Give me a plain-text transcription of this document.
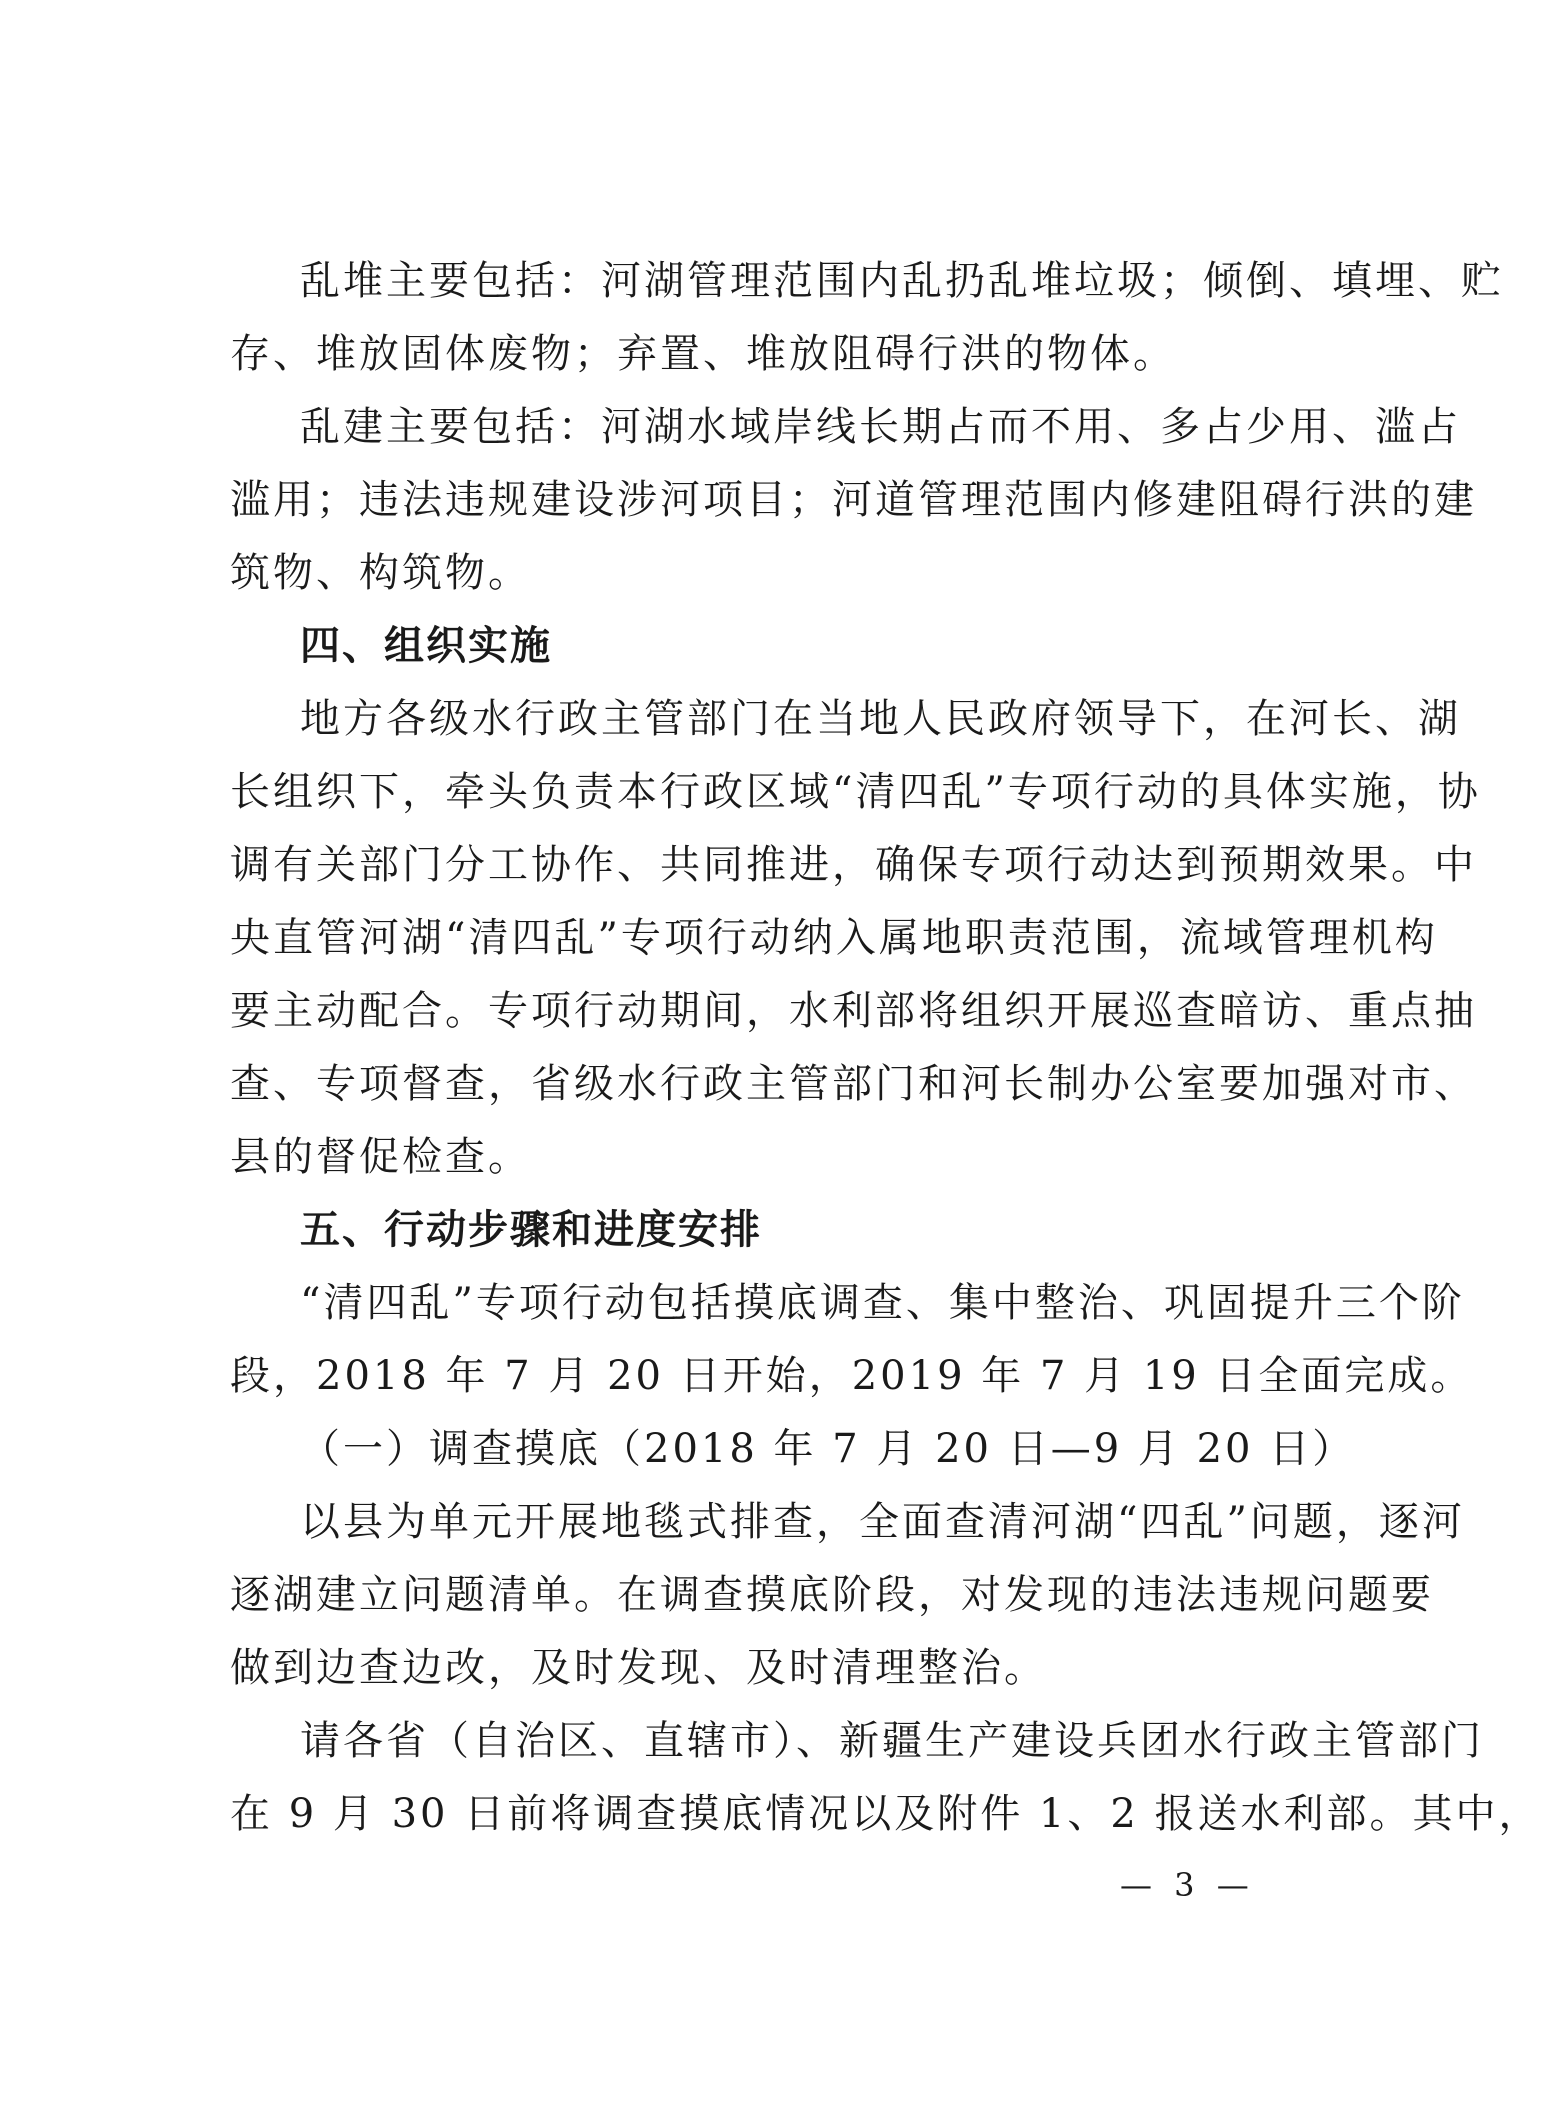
乱堆主要包括：河湖管理范围内乱扔乱堆垃圾；倾倒、填埋、贮
存、堆放固体废物；弃置、堆放阻碍行洪的物体。
乱建主要包括：河湖水域岸线长期占而不用、多占少用、滥占
滥用；违法违规建设涉河项目；河道管理范围内修建阻碍行洪的建
筑物、构筑物。
四、组织实施
地方各级水行政主管部门在当地人民政府领导下，在河长、湖
长组织下，牵头负责本行政区域“清四乱”专项行动的具体实施，协
调有关部门分工协作、共同推进，确保专项行动达到预期效果。中
央直管河湖“清四乱”专项行动纳入属地职责范围，流域管理机构
要主动配合。专项行动期间，水利部将组织开展巡查暗访、重点抽
查、专项督查，省级水行政主管部门和河长制办公室要加强对市、
县的督促检查。
五、行动步骤和进度安排
“清四乱”专项行动包括摸底调查、集中整治、巩固提升三个阶
段，2018 年 7 月 20 日开始，2019 年 7 月 19 日全面完成。
（一）调查摸底（2018 年 7 月 20 日—9 月 20 日）
以县为单元开展地毯式排查，全面查清河湖“四乱”问题，逐河
逐湖建立问题清单。在调查摸底阶段，对发现的违法违规问题要
做到边查边改，及时发现、及时清理整治。
请各省（自治区、直辖市）、新疆生产建设兵团水行政主管部门
在 9 月 30 日前将调查摸底情况以及附件 1、2 报送水利部。其中，
— 3 —
